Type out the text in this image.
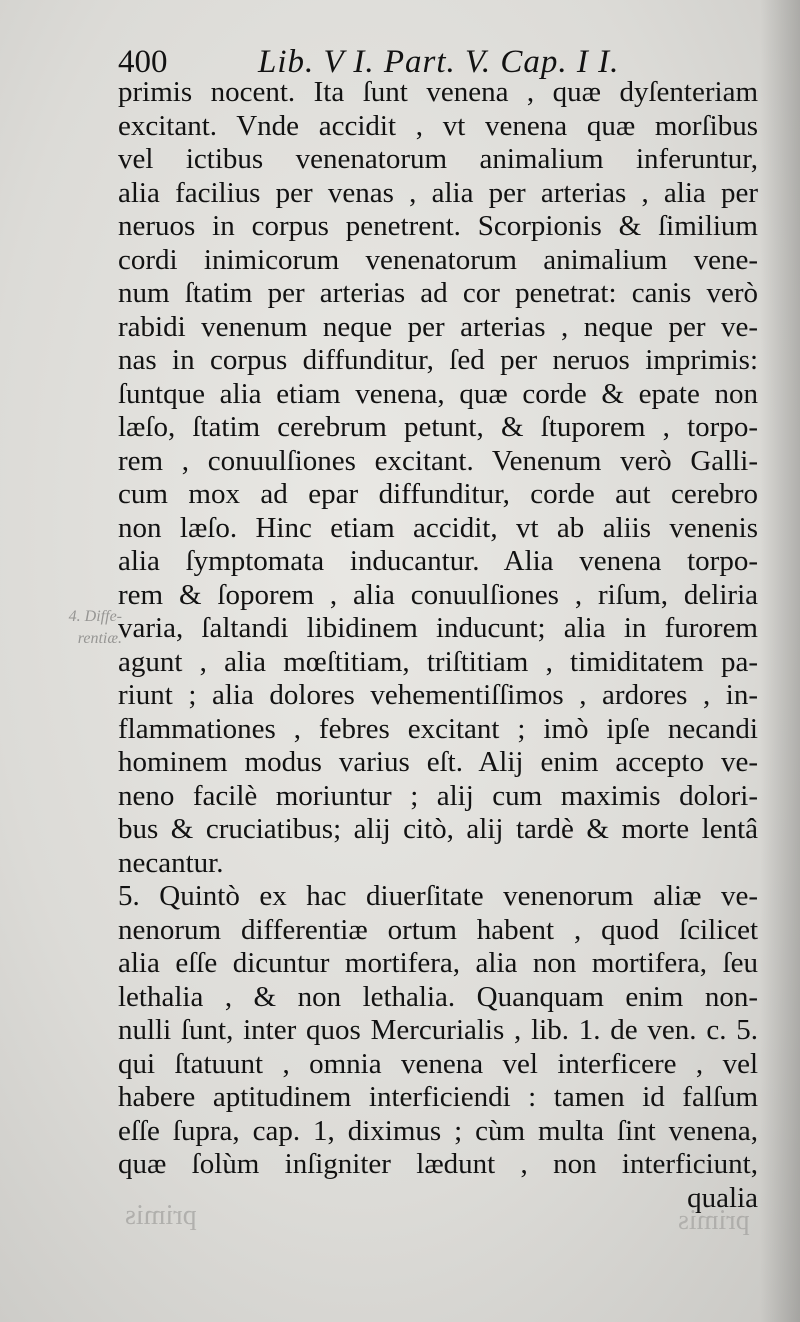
400	Lib. V I. Part. V. Cap. I I.
4. Diffe- rentiæ.
primis nocent. Ita ſunt venena , quæ dyſenteriam
excitant. Vnde accidit , vt venena quæ morſibus
vel ictibus venenatorum animalium inferuntur,
alia facilius per venas , alia per arterias , alia per
neruos in corpus penetrent. Scorpionis & ſimilium
cordi inimicorum venenatorum animalium vene-
num ſtatim per arterias ad cor penetrat: canis verò
rabidi venenum neque per arterias , neque per ve-
nas in corpus diffunditur, ſed per neruos imprimis:
ſuntque alia etiam venena, quæ corde & epate non
læſo, ſtatim cerebrum petunt, & ſtuporem , torpo-
rem , conuulſiones excitant. Venenum verò Galli-
cum mox ad epar diffunditur, corde aut cerebro
non læſo. Hinc etiam accidit, vt ab aliis venenis
alia ſymptomata inducantur. Alia venena torpo-
rem & ſoporem , alia conuulſiones , riſum, deliria
varia, ſaltandi libidinem inducunt; alia in furorem
agunt , alia mœſtitiam, triſtitiam , timiditatem pa-
riunt ; alia dolores vehementiſſimos , ardores , in-
flammationes , febres excitant ; imò ipſe necandi
hominem modus varius eſt. Alij enim accepto ve-
neno facilè moriuntur ; alij cum maximis dolori-
bus & cruciatibus; alij citò, alij tardè & morte lentâ
necantur.
5. Quintò ex hac diuerſitate venenorum aliæ ve-
nenorum differentiæ ortum habent , quod ſcilicet
alia eſſe dicuntur mortifera, alia non mortifera, ſeu
lethalia , & non lethalia. Quanquam enim non-
nulli ſunt, inter quos Mercurialis , lib. 1. de ven. c. 5.
qui ſtatuunt , omnia venena vel interficere , vel
habere aptitudinem interficiendi : tamen id falſum
eſſe ſupra, cap. 1, diximus ; cùm multa ſint venena,
quæ ſolùm inſigniter lædunt , non interficiunt,
qualia
primis	primis
